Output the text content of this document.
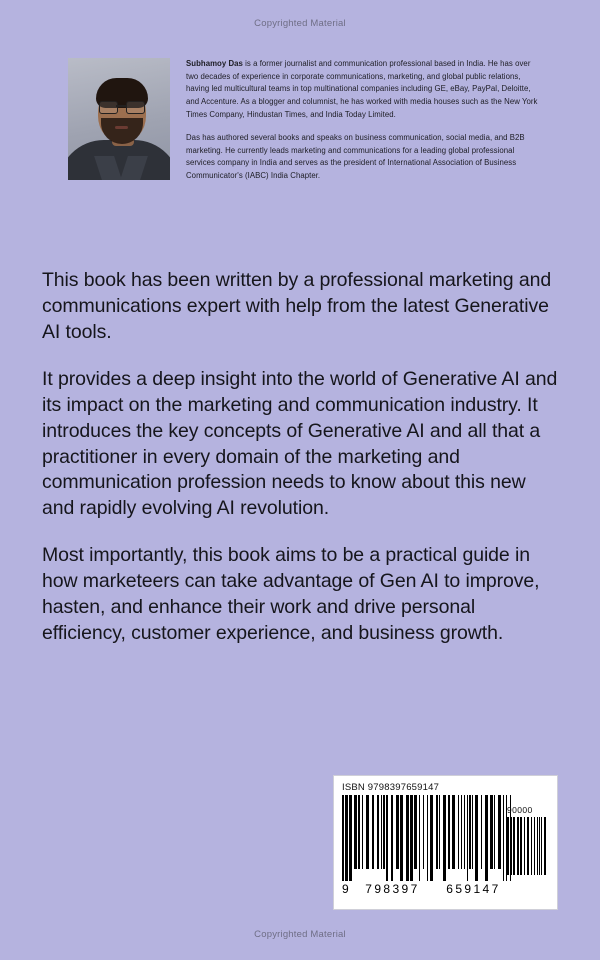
Copyrighted Material

Subhamoy Das is a former journalist and communication professional based in India. He has over two decades of experience in corporate communications, marketing, and global public relations, having led multicultural teams in top multinational companies including GE, eBay, PayPal, Deloitte, and Accenture. As a blogger and columnist, he has worked with media houses such as the New York Times Company, Hindustan Times, and India Today Limited.

Das has authored several books and speaks on business communication, social media, and B2B marketing. He currently leads marketing and communications for a leading global professional services company in India and serves as the president of International Association of Business Communicator's (IABC) India Chapter.

This book has been written by a professional marketing and communications expert with help from the latest Generative AI tools.

It provides a deep insight into the world of Generative AI and its impact on the marketing and communication industry. It introduces the key concepts of Generative AI and all that a practitioner in every domain of the marketing and communication profession needs to know about this new and rapidly evolving AI revolution.

Most importantly, this book aims to be a practical guide in how marketeers can take advantage of Gen AI to improve, hasten, and enhance their work and drive personal efficiency, customer experience, and business growth.

ISBN 9798397659147
90000
9	798397	659147
Copyrighted Material
